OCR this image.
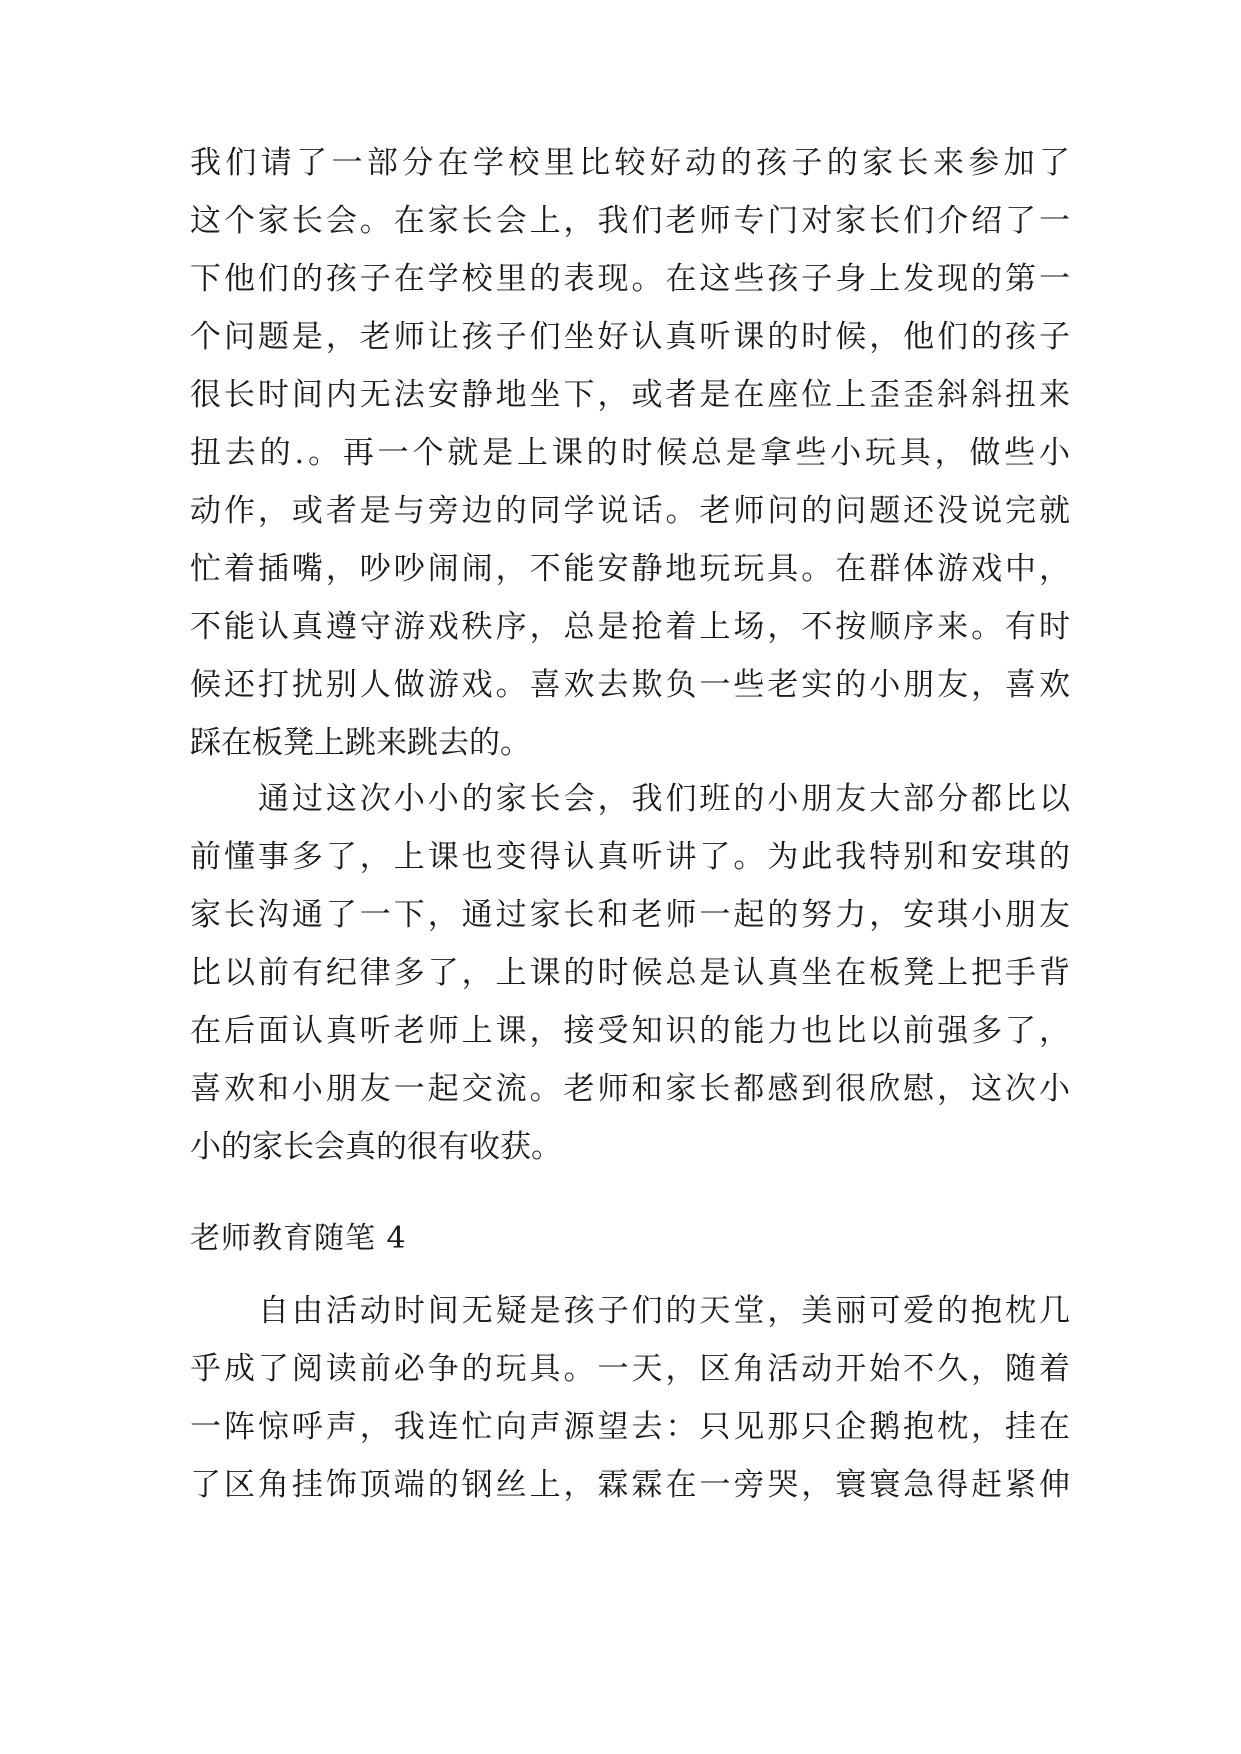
我们请了一部分在学校里比较好动的孩子的家长来参加了
这个家长会。在家长会上，我们老师专门对家长们介绍了一
下他们的孩子在学校里的表现。在这些孩子身上发现的第一
个问题是，老师让孩子们坐好认真听课的时候，他们的孩子
很长时间内无法安静地坐下，或者是在座位上歪歪斜斜扭来
扭去的.。再一个就是上课的时候总是拿些小玩具，做些小
动作，或者是与旁边的同学说话。老师问的问题还没说完就
忙着插嘴，吵吵闹闹，不能安静地玩玩具。在群体游戏中，
不能认真遵守游戏秩序，总是抢着上场，不按顺序来。有时
候还打扰别人做游戏。喜欢去欺负一些老实的小朋友，喜欢
踩在板凳上跳来跳去的。
通过这次小小的家长会，我们班的小朋友大部分都比以
前懂事多了，上课也变得认真听讲了。为此我特别和安琪的
家长沟通了一下，通过家长和老师一起的努力，安琪小朋友
比以前有纪律多了，上课的时候总是认真坐在板凳上把手背
在后面认真听老师上课，接受知识的能力也比以前强多了，
喜欢和小朋友一起交流。老师和家长都感到很欣慰，这次小
小的家长会真的很有收获。
老师教育随笔 4
自由活动时间无疑是孩子们的天堂，美丽可爱的抱枕几
乎成了阅读前必争的玩具。一天，区角活动开始不久，随着
一阵惊呼声，我连忙向声源望去：只见那只企鹅抱枕，挂在
了区角挂饰顶端的钢丝上，霖霖在一旁哭，寰寰急得赶紧伸
